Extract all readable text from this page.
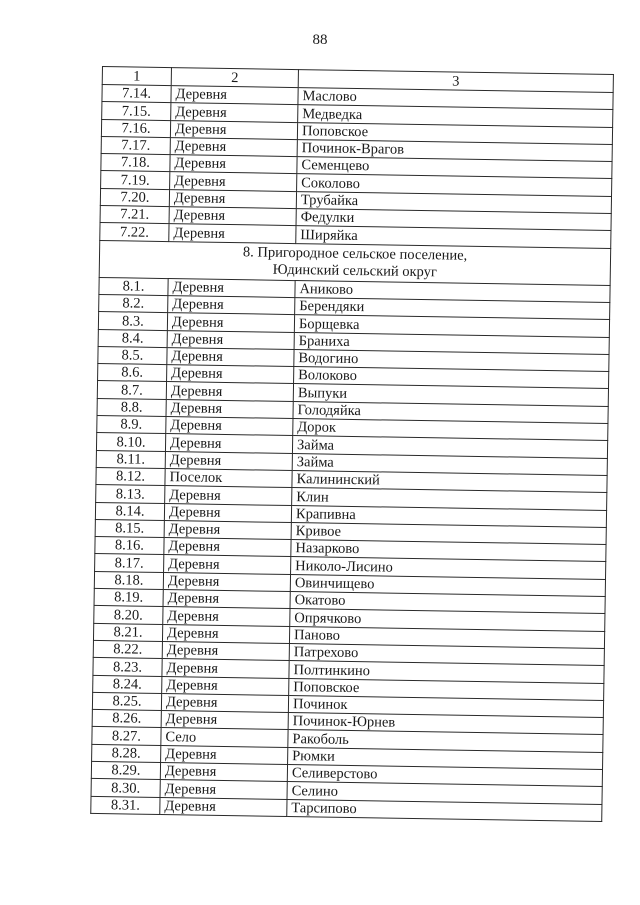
88
1	2	3
7.14.	Деревня	Маслово
7.15.	Деревня	Медведка
7.16.	Деревня	Поповское
7.17.	Деревня	Починок-Врагов
7.18.	Деревня	Семенцево
7.19.	Деревня	Соколово
7.20.	Деревня	Трубайка
7.21.	Деревня	Федулки
7.22.	Деревня	Ширяйка
8. Пригородное сельское поселение,
Юдинский сельский округ		
8.1.	Деревня	Аниково
8.2.	Деревня	Берендяки
8.3.	Деревня	Борщевка
8.4.	Деревня	Браниха
8.5.	Деревня	Водогино
8.6.	Деревня	Волоково
8.7.	Деревня	Выпуки
8.8.	Деревня	Голодяйка
8.9.	Деревня	Дорок
8.10.	Деревня	Займа
8.11.	Деревня	Займа
8.12.	Поселок	Калининский
8.13.	Деревня	Клин
8.14.	Деревня	Крапивна
8.15.	Деревня	Кривое
8.16.	Деревня	Назарково
8.17.	Деревня	Николо-Лисино
8.18.	Деревня	Овинчищево
8.19.	Деревня	Окатово
8.20.	Деревня	Опрячково
8.21.	Деревня	Паново
8.22.	Деревня	Патрехово
8.23.	Деревня	Полтинкино
8.24.	Деревня	Поповское
8.25.	Деревня	Починок
8.26.	Деревня	Починок-Юрнев
8.27.	Село	Ракоболь
8.28.	Деревня	Рюмки
8.29.	Деревня	Селиверстово
8.30.	Деревня	Селино
8.31.	Деревня	Тарсипово
